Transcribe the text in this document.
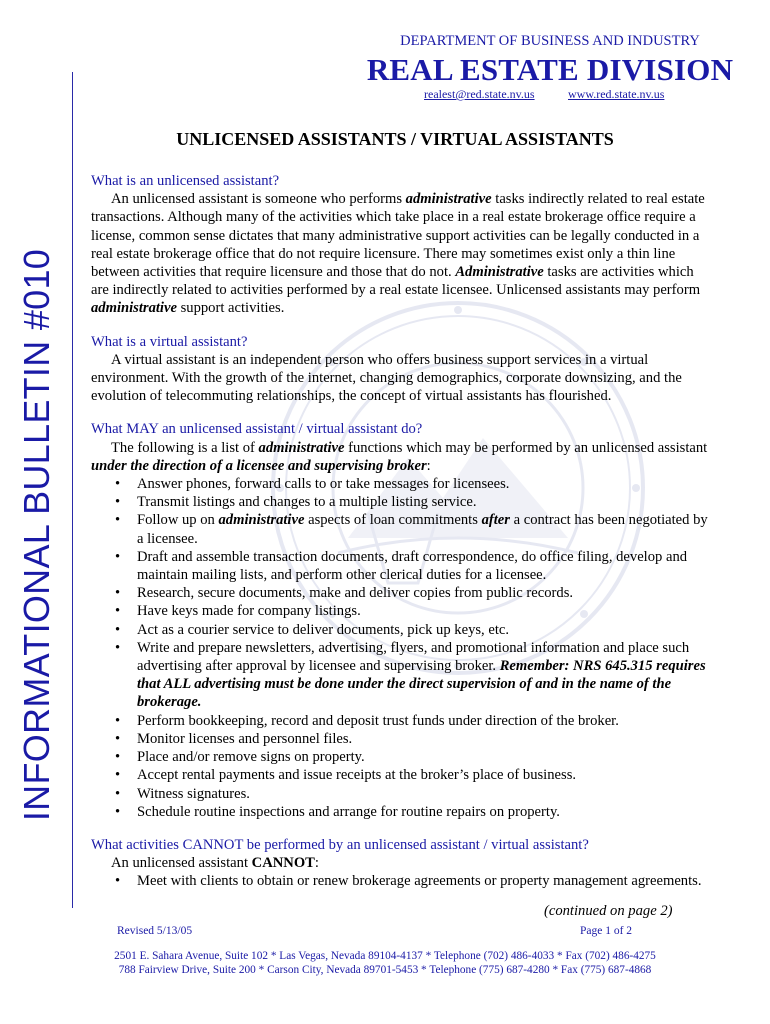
DEPARTMENT OF BUSINESS AND INDUSTRY
REAL ESTATE DIVISION
realest@red.state.nv.us	www.red.state.nv.us
INFORMATIONAL BULLETIN #010
UNLICENSED ASSISTANTS / VIRTUAL ASSISTANTS

What is an unlicensed assistant?

An unlicensed assistant is someone who performs administrative tasks indirectly related to real estate transactions. Although many of the activities which take place in a real estate brokerage office require a license, common sense dictates that many administrative support activities can be legally conducted in a real estate brokerage office that do not require licensure. There may sometimes exist only a thin line between activities that require licensure and those that do not. Administrative tasks are activities which are indirectly related to activities performed by a real estate licensee. Unlicensed assistants may perform administrative support activities.

What is a virtual assistant?

A virtual assistant is an independent person who offers business support services in a virtual environment. With the growth of the internet, changing demographics, corporate downsizing, and the evolution of telecommuting relationships, the concept of virtual assistants has flourished.

What MAY an unlicensed assistant / virtual assistant do?

The following is a list of administrative functions which may be performed by an unlicensed assistant under the direction of a licensee and supervising broker:

• Answer phones, forward calls to or take messages for licensees.
• Transmit listings and changes to a multiple listing service.
• Follow up on administrative aspects of loan commitments after a contract has been negotiated by a licensee.
• Draft and assemble transaction documents, draft correspondence, do office filing, develop and maintain mailing lists, and perform other clerical duties for a licensee.
• Research, secure documents, make and deliver copies from public records.
• Have keys made for company listings.
• Act as a courier service to deliver documents, pick up keys, etc.
• Write and prepare newsletters, advertising, flyers, and promotional information and place such advertising after approval by licensee and supervising broker. Remember: NRS 645.315 requires that ALL advertising must be done under the direct supervision of and in the name of the brokerage.
• Perform bookkeeping, record and deposit trust funds under direction of the broker.
• Monitor licenses and personnel files.
• Place and/or remove signs on property.
• Accept rental payments and issue receipts at the broker’s place of business.
• Witness signatures.
• Schedule routine inspections and arrange for routine repairs on property.

What activities CANNOT be performed by an unlicensed assistant / virtual assistant?

An unlicensed assistant CANNOT:

• Meet with clients to obtain or renew brokerage agreements or property management agreements.
(continued on page 2)
Revised 5/13/05	Page 1 of 2
2501 E. Sahara Avenue, Suite 102 * Las Vegas, Nevada 89104-4137 * Telephone (702) 486-4033 * Fax (702) 486-4275
788 Fairview Drive, Suite 200 * Carson City, Nevada 89701-5453 * Telephone (775) 687-4280 * Fax (775) 687-4868
